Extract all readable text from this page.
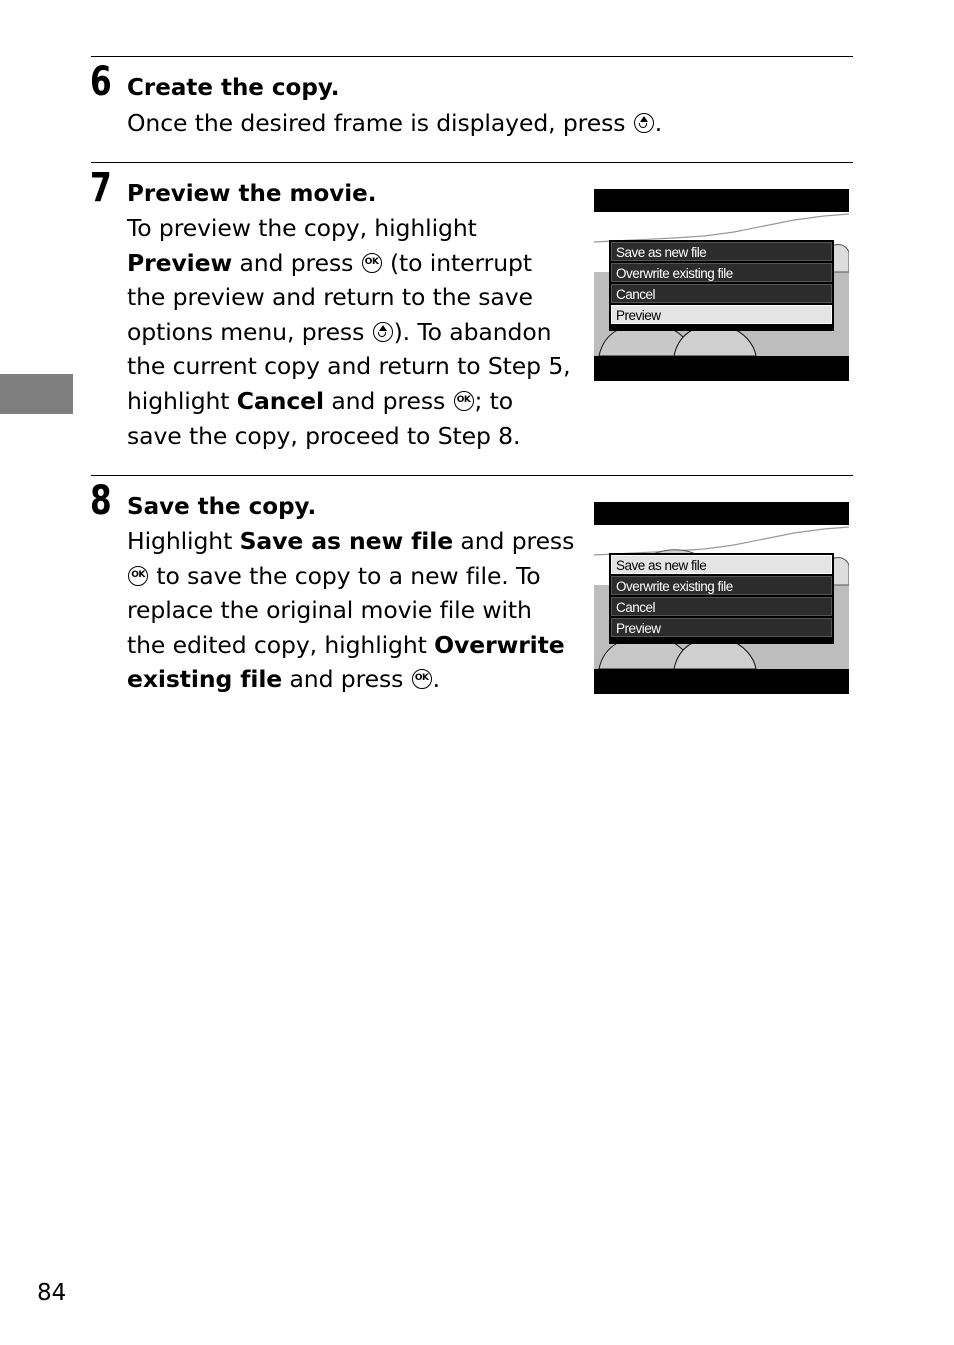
6 Create the copy.
Once the desired frame is displayed, press .
7 Preview the movie.
To preview the copy, highlight
Preview and press OK (to interrupt
the preview and return to the save
options menu, press ). To abandon
the current copy and return to Step 5,
highlight Cancel and press OK; to
save the copy, proceed to Step 8.
Save as new file
Overwrite existing file
Cancel
Preview
8 Save the copy.
Highlight Save as new file and press
OK to save the copy to a new file. To
replace the original movie file with
the edited copy, highlight Overwrite
existing file and press OK.
Save as new file
Overwrite existing file
Cancel
Preview
84
